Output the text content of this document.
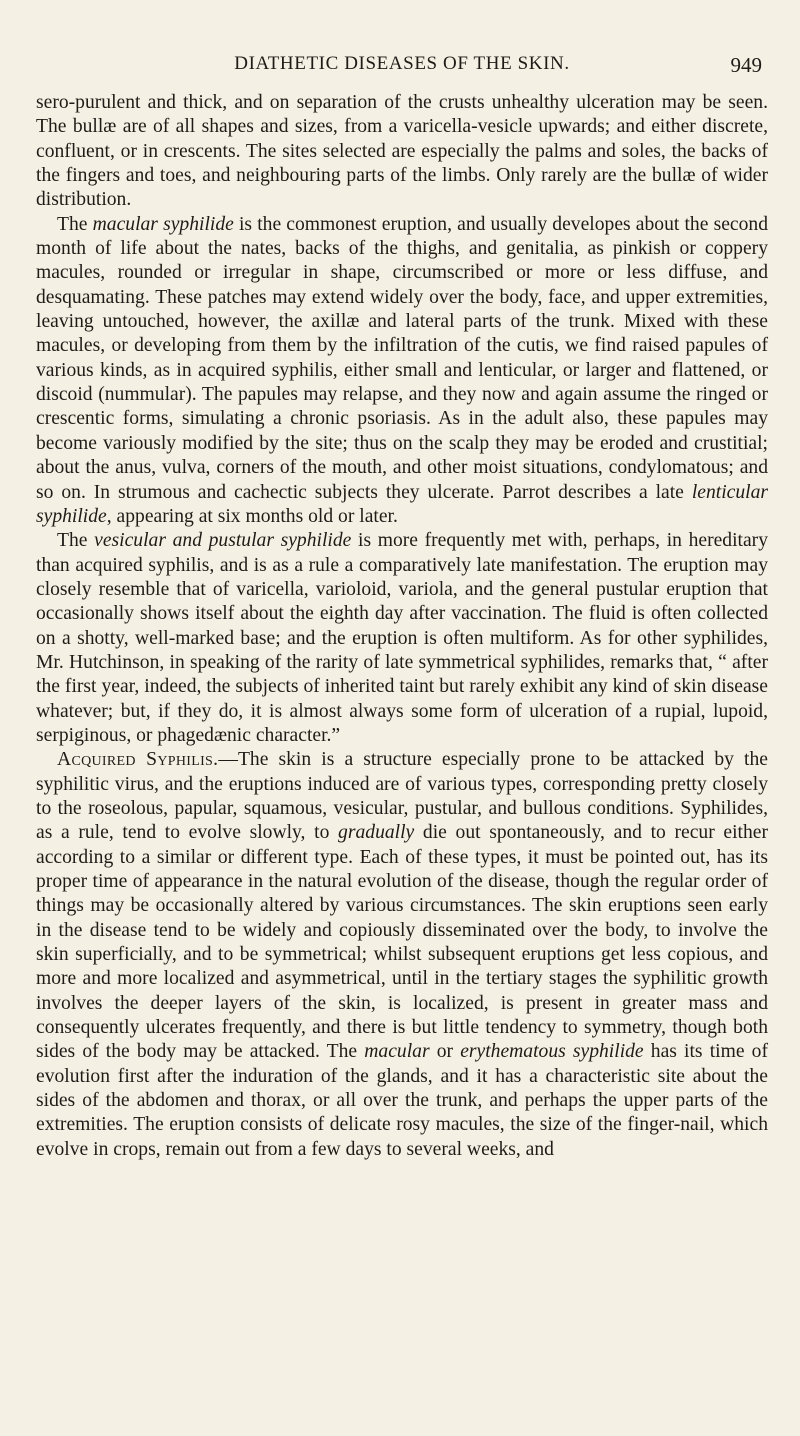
DIATHETIC DISEASES OF THE SKIN.	949

sero-purulent and thick, and on separation of the crusts unhealthy ulceration may be seen. The bullæ are of all shapes and sizes, from a varicella-vesicle upwards; and either discrete, confluent, or in crescents. The sites selected are especially the palms and soles, the backs of the fingers and toes, and neighbouring parts of the limbs. Only rarely are the bullæ of wider distribution.

The macular syphilide is the commonest eruption, and usually developes about the second month of life about the nates, backs of the thighs, and genitalia, as pinkish or coppery macules, rounded or irregular in shape, circumscribed or more or less diffuse, and desquamating. These patches may extend widely over the body, face, and upper extremities, leaving untouched, however, the axillæ and lateral parts of the trunk. Mixed with these macules, or developing from them by the infiltration of the cutis, we find raised papules of various kinds, as in acquired syphilis, either small and lenticular, or larger and flattened, or discoid (nummular). The papules may relapse, and they now and again assume the ringed or crescentic forms, simulating a chronic psoriasis. As in the adult also, these papules may become variously modified by the site; thus on the scalp they may be eroded and crustitial; about the anus, vulva, corners of the mouth, and other moist situations, condylomatous; and so on. In strumous and cachectic subjects they ulcerate. Parrot describes a late lenticular syphilide, appearing at six months old or later.

The vesicular and pustular syphilide is more frequently met with, perhaps, in hereditary than acquired syphilis, and is as a rule a comparatively late manifestation. The eruption may closely resemble that of varicella, varioloid, variola, and the general pustular eruption that occasionally shows itself about the eighth day after vaccination. The fluid is often collected on a shotty, well-marked base; and the eruption is often multiform. As for other syphilides, Mr. Hutchinson, in speaking of the rarity of late symmetrical syphilides, remarks that, “ after the first year, indeed, the subjects of inherited taint but rarely exhibit any kind of skin disease whatever; but, if they do, it is almost always some form of ulceration of a rupial, lupoid, serpiginous, or phagedænic character.”

Acquired Syphilis.—The skin is a structure especially prone to be attacked by the syphilitic virus, and the eruptions induced are of various types, corresponding pretty closely to the roseolous, papular, squamous, vesicular, pustular, and bullous conditions. Syphilides, as a rule, tend to evolve slowly, to gradually die out spontaneously, and to recur either according to a similar or different type. Each of these types, it must be pointed out, has its proper time of appearance in the natural evolution of the disease, though the regular order of things may be occasionally altered by various circumstances. The skin eruptions seen early in the disease tend to be widely and copiously disseminated over the body, to involve the skin superficially, and to be symmetrical; whilst subsequent eruptions get less copious, and more and more localized and asymmetrical, until in the tertiary stages the syphilitic growth involves the deeper layers of the skin, is localized, is present in greater mass and consequently ulcerates frequently, and there is but little tendency to symmetry, though both sides of the body may be attacked. The macular or erythematous syphilide has its time of evolution first after the induration of the glands, and it has a characteristic site about the sides of the abdomen and thorax, or all over the trunk, and perhaps the upper parts of the extremities. The eruption consists of delicate rosy macules, the size of the finger-nail, which evolve in crops, remain out from a few days to several weeks, and
